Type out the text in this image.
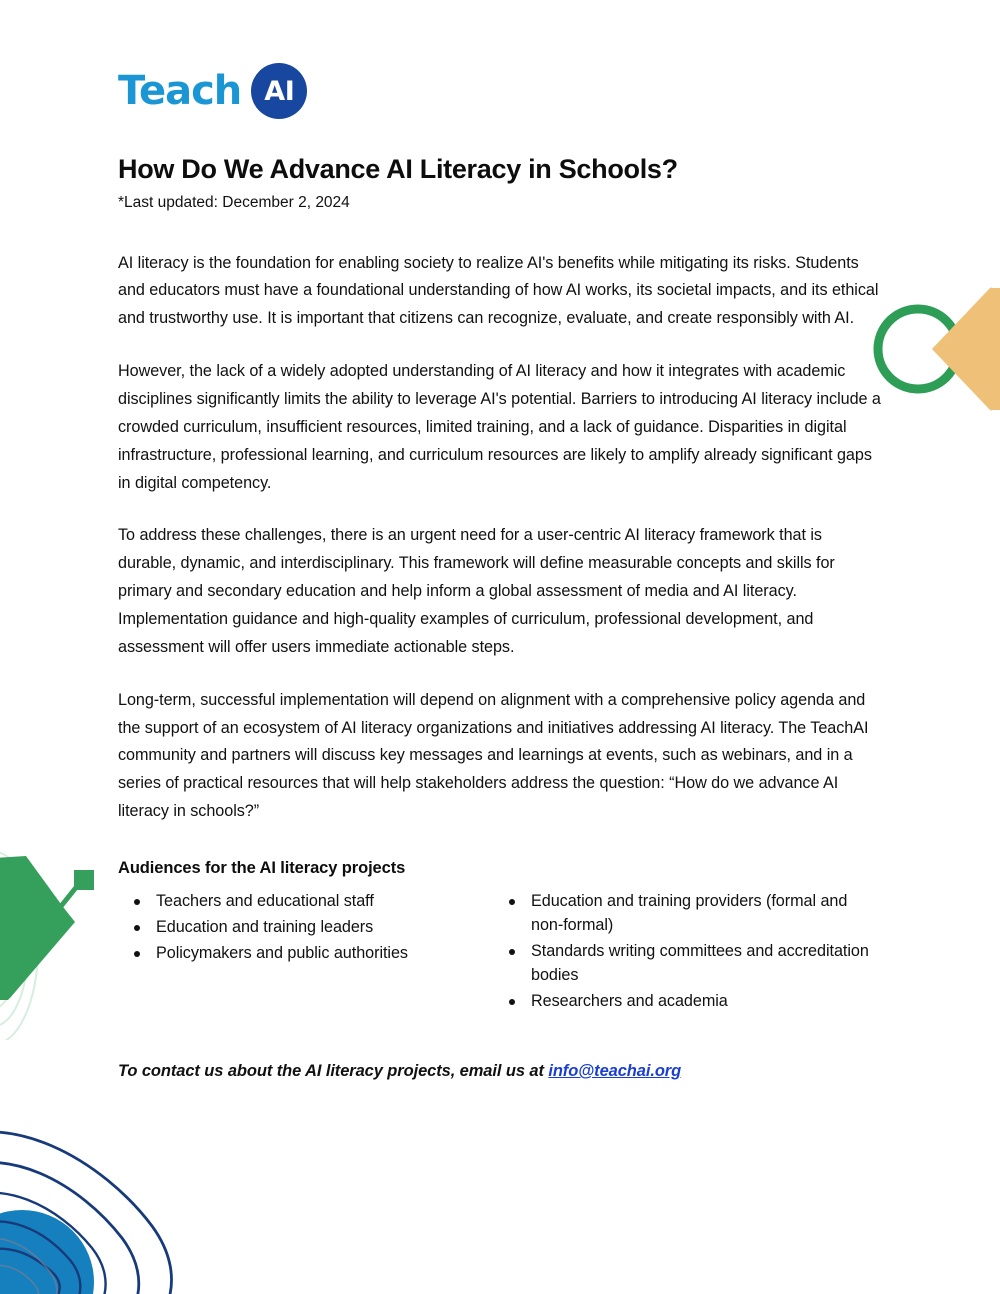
Teach AI
How Do We Advance AI Literacy in Schools?
*Last updated: December 2, 2024

AI literacy is the foundation for enabling society to realize AI's benefits while mitigating its risks. Students and educators must have a foundational understanding of how AI works, its societal impacts, and its ethical and trustworthy use. It is important that citizens can recognize, evaluate, and create responsibly with AI.

However, the lack of a widely adopted understanding of AI literacy and how it integrates with academic disciplines significantly limits the ability to leverage AI's potential. Barriers to introducing AI literacy include a crowded curriculum, insufficient resources, limited training, and a lack of guidance. Disparities in digital infrastructure, professional learning, and curriculum resources are likely to amplify already significant gaps in digital competency.

To address these challenges, there is an urgent need for a user-centric AI literacy framework that is durable, dynamic, and interdisciplinary. This framework will define measurable concepts and skills for primary and secondary education and help inform a global assessment of media and AI literacy. Implementation guidance and high-quality examples of curriculum, professional development, and assessment will offer users immediate actionable steps.

Long-term, successful implementation will depend on alignment with a comprehensive policy agenda and the support of an ecosystem of AI literacy organizations and initiatives addressing AI literacy. The TeachAI community and partners will discuss key messages and learnings at events, such as webinars, and in a series of practical resources that will help stakeholders address the question: “How do we advance AI literacy in schools?”

Audiences for the AI literacy projects
Teachers and educational staff
Education and training leaders
Policymakers and public authorities
Education and training providers (formal and non-formal)
Standards writing committees and accreditation bodies
Researchers and academia

To contact us about the AI literacy projects, email us at info@teachai.org
